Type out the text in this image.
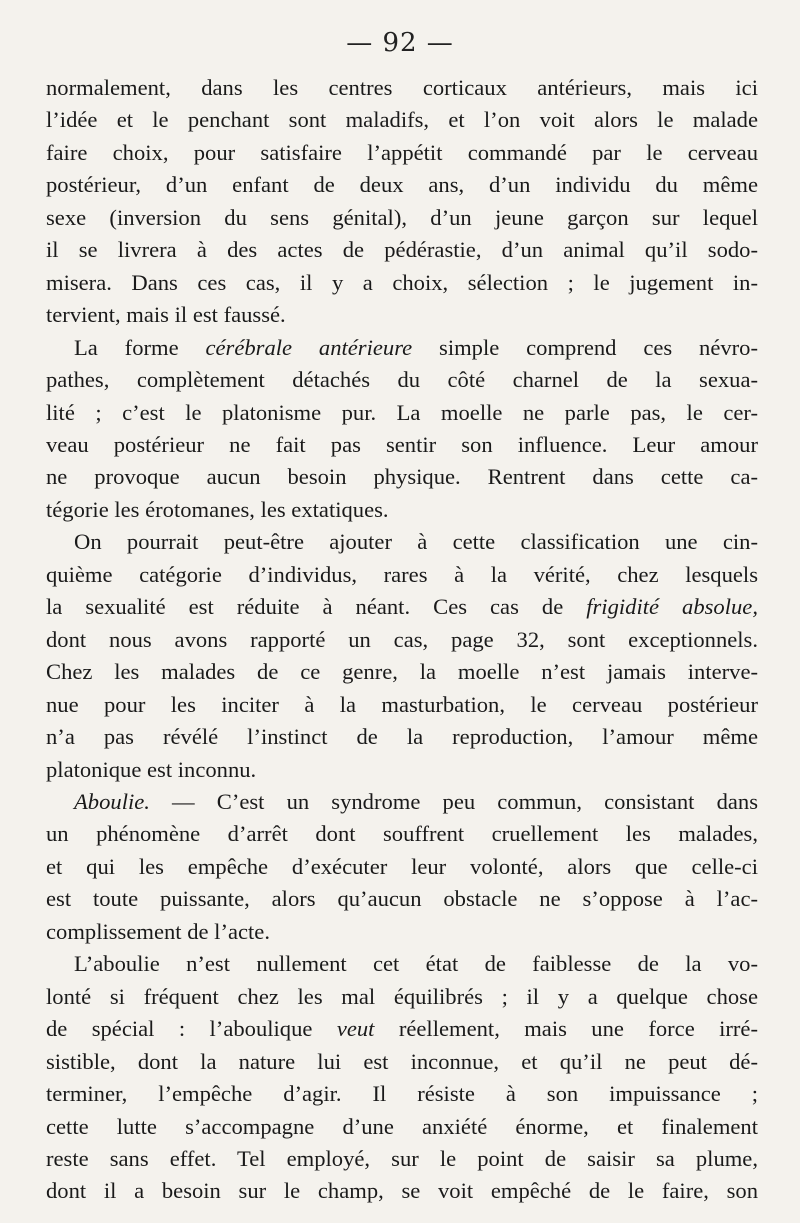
— 92 —

normalement, dans les centres corticaux antérieurs, mais ici

l’idée et le penchant sont maladifs, et l’on voit alors le malade

faire choix, pour satisfaire l’appétit commandé par le cerveau

postérieur, d’un enfant de deux ans, d’un individu du même

sexe (inversion du sens génital), d’un jeune garçon sur lequel

il se livrera à des actes de pédérastie, d’un animal qu’il sodo-

misera. Dans ces cas, il y a choix, sélection ; le jugement in-

tervient, mais il est faussé.

La forme cérébrale antérieure simple comprend ces névro-

pathes, complètement détachés du côté charnel de la sexua-

lité ; c’est le platonisme pur. La moelle ne parle pas, le cer-

veau postérieur ne fait pas sentir son influence. Leur amour

ne provoque aucun besoin physique. Rentrent dans cette ca-

tégorie les érotomanes, les extatiques.

On pourrait peut-être ajouter à cette classification une cin-

quième catégorie d’individus, rares à la vérité, chez lesquels

la sexualité est réduite à néant. Ces cas de frigidité absolue,

dont nous avons rapporté un cas, page 32, sont exceptionnels.

Chez les malades de ce genre, la moelle n’est jamais interve-

nue pour les inciter à la masturbation, le cerveau postérieur

n’a pas révélé l’instinct de la reproduction, l’amour même

platonique est inconnu.

Aboulie. — C’est un syndrome peu commun, consistant dans

un phénomène d’arrêt dont souffrent cruellement les malades,

et qui les empêche d’exécuter leur volonté, alors que celle-ci

est toute puissante, alors qu’aucun obstacle ne s’oppose à l’ac-

complissement de l’acte.

L’aboulie n’est nullement cet état de faiblesse de la vo-

lonté si fréquent chez les mal équilibrés ; il y a quelque chose

de spécial : l’aboulique veut réellement, mais une force irré-

sistible, dont la nature lui est inconnue, et qu’il ne peut dé-

terminer, l’empêche d’agir. Il résiste à son impuissance ;

cette lutte s’accompagne d’une anxiété énorme, et finalement

reste sans effet. Tel employé, sur le point de saisir sa plume,

dont il a besoin sur le champ, se voit empêché de le faire, son
